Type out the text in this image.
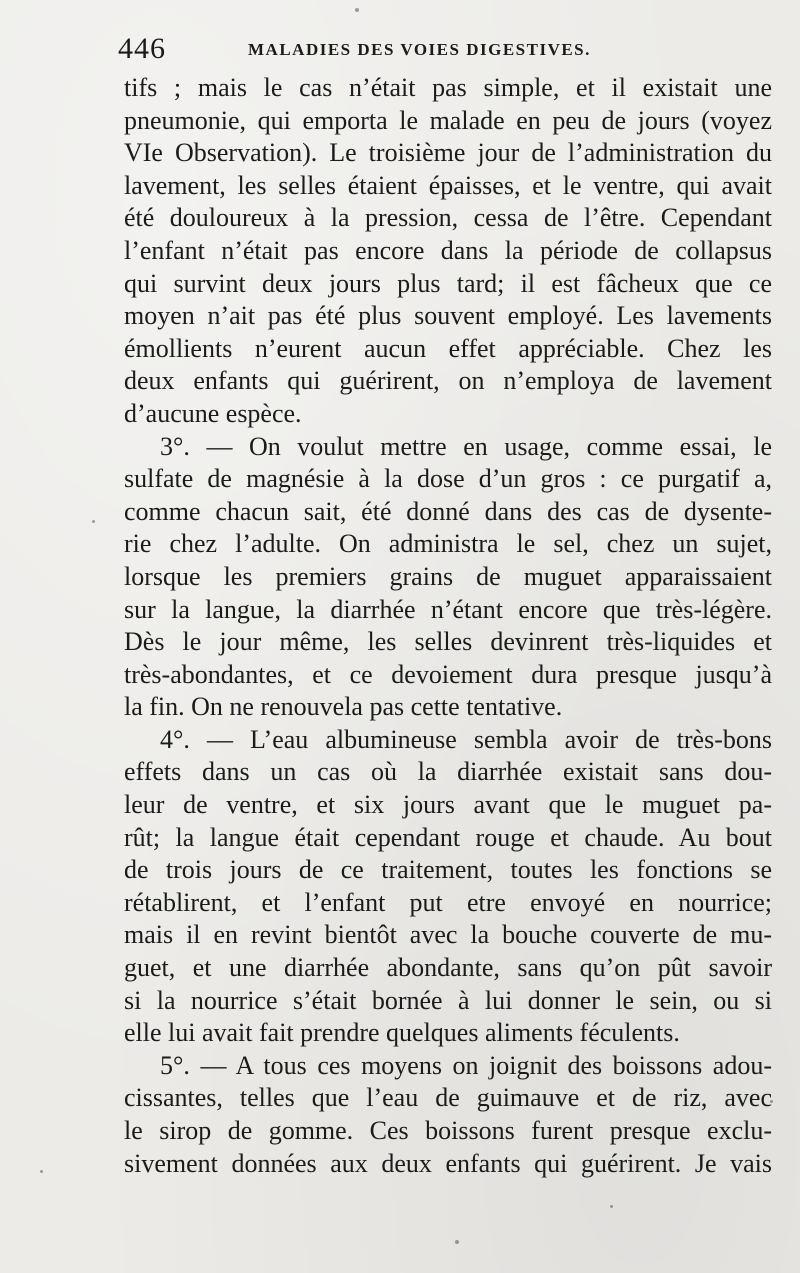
446	MALADIES DES VOIES DIGESTIVES.
tifs ; mais le cas n’était pas simple, et il existait une
pneumonie, qui emporta le malade en peu de jours (voyez
VIe Observation). Le troisième jour de l’administration du
lavement, les selles étaient épaisses, et le ventre, qui avait
été douloureux à la pression, cessa de l’être. Cependant
l’enfant n’était pas encore dans la période de collapsus
qui survint deux jours plus tard; il est fâcheux que ce
moyen n’ait pas été plus souvent employé. Les lavements
émollients n’eurent aucun effet appréciable. Chez les
deux enfants qui guérirent, on n’employa de lavement
d’aucune espèce.
3°. — On voulut mettre en usage, comme essai, le
sulfate de magnésie à la dose d’un gros : ce purgatif a,
comme chacun sait, été donné dans des cas de dysente-
rie chez l’adulte. On administra le sel, chez un sujet,
lorsque les premiers grains de muguet apparaissaient
sur la langue, la diarrhée n’étant encore que très-légère.
Dès le jour même, les selles devinrent très-liquides et
très-abondantes, et ce devoiement dura presque jusqu’à
la fin. On ne renouvela pas cette tentative.
4°. — L’eau albumineuse sembla avoir de très-bons
effets dans un cas où la diarrhée existait sans dou-
leur de ventre, et six jours avant que le muguet pa-
rût; la langue était cependant rouge et chaude. Au bout
de trois jours de ce traitement, toutes les fonctions se
rétablirent, et l’enfant put etre envoyé en nourrice;
mais il en revint bientôt avec la bouche couverte de mu-
guet, et une diarrhée abondante, sans qu’on pût savoir
si la nourrice s’était bornée à lui donner le sein, ou si
elle lui avait fait prendre quelques aliments féculents.
5°. — A tous ces moyens on joignit des boissons adou-
cissantes, telles que l’eau de guimauve et de riz, avec
le sirop de gomme. Ces boissons furent presque exclu-
sivement données aux deux enfants qui guérirent. Je vais
